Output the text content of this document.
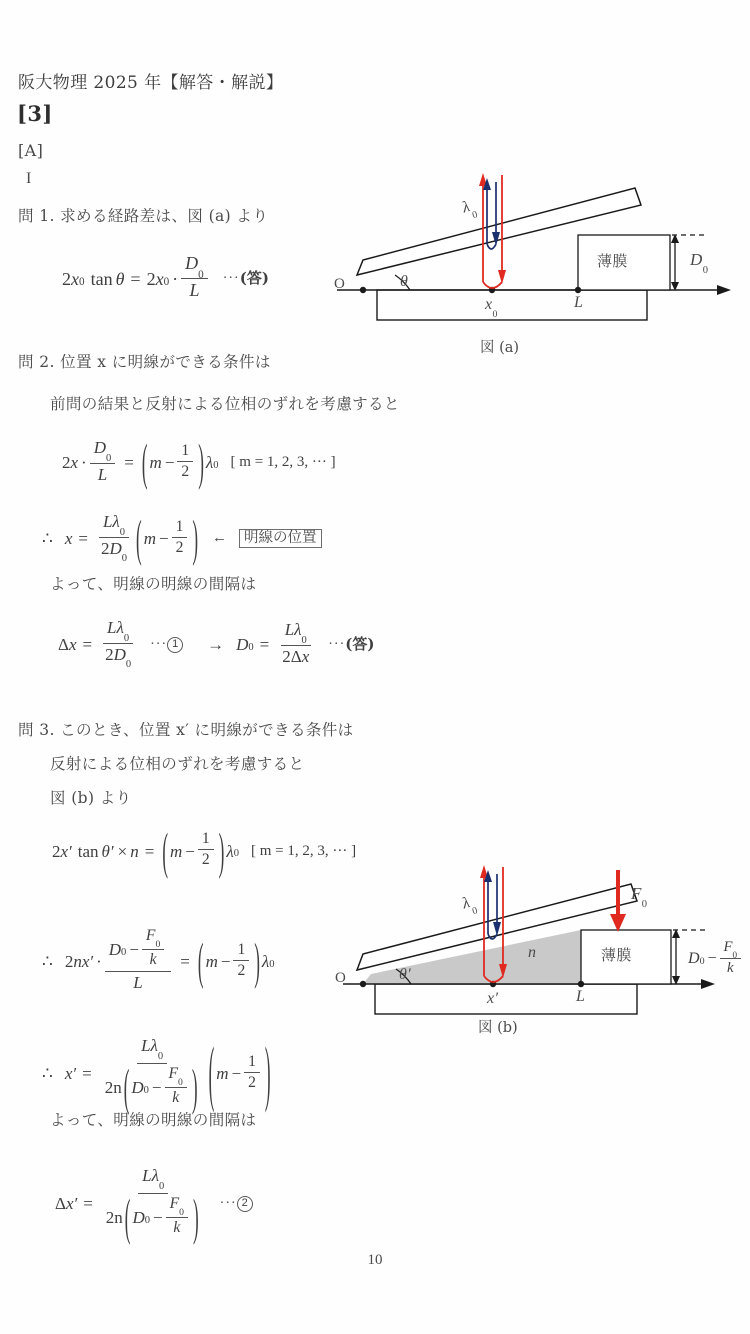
阪大物理 2025 年【解答・解説】
[3]
[A]
I
問 1. 求める経路差は、図 (a) より
2 x 0 tan θ = 2 x $0 \cdot \frac{D_0}{L}$ ··· (答)
問 2. 位置 x に明線ができる条件は
前問の結果と反射による位相のずれを考慮すると
2 $x \cdot \frac{D_0}{L}$ = ( $m - \frac{1}{2}$ ) λ 0 [ m = 1, 2, 3, ··· ]
∴ $x = \frac{L\lambda_0}{2D_0}$ ( $m - \frac{1}{2}$ ) ←	明線の位置
よって、明線の明線の間隔は
Δ $x = \frac{L\lambda_0}{2D_0}$ ··· 1 → D $0 = \frac{L\lambda_0}{2\Delta x}$ ··· (答)
問 3. このとき、位置 x′ に明線ができる条件は
反射による位相のずれを考慮すると
図 (b) より
2 x ′ tan θ ′ × n = ( $m - \frac{1}{2}$ ) λ 0 [ m = 1, 2, 3, ··· ]
∴ 2 n x ′ · $\frac{D 0 - \frac{F_0}{k}}{L}$ = ( $m - \frac{1}{2}$ ) λ 0
∴ x ′ =
$L\lambda_0$
2n ( D $0 - \frac{F_0}{k}$ ) ( $m - \frac{1}{2}$ )
よって、明線の明線の間隔は
Δ x ′ =
$L\lambda_0$
2n ( D $0 - \frac{F_0}{k}$ ) ··· 2
O	θ
$\lambda_0$
$x_0$
L
薄膜	$D_0$
図 (a)
O	θ′
$\lambda_0$
x′	L
n	薄膜
$F_0$
D $0 - \frac{F_0}{k}$
図 (b)
10
